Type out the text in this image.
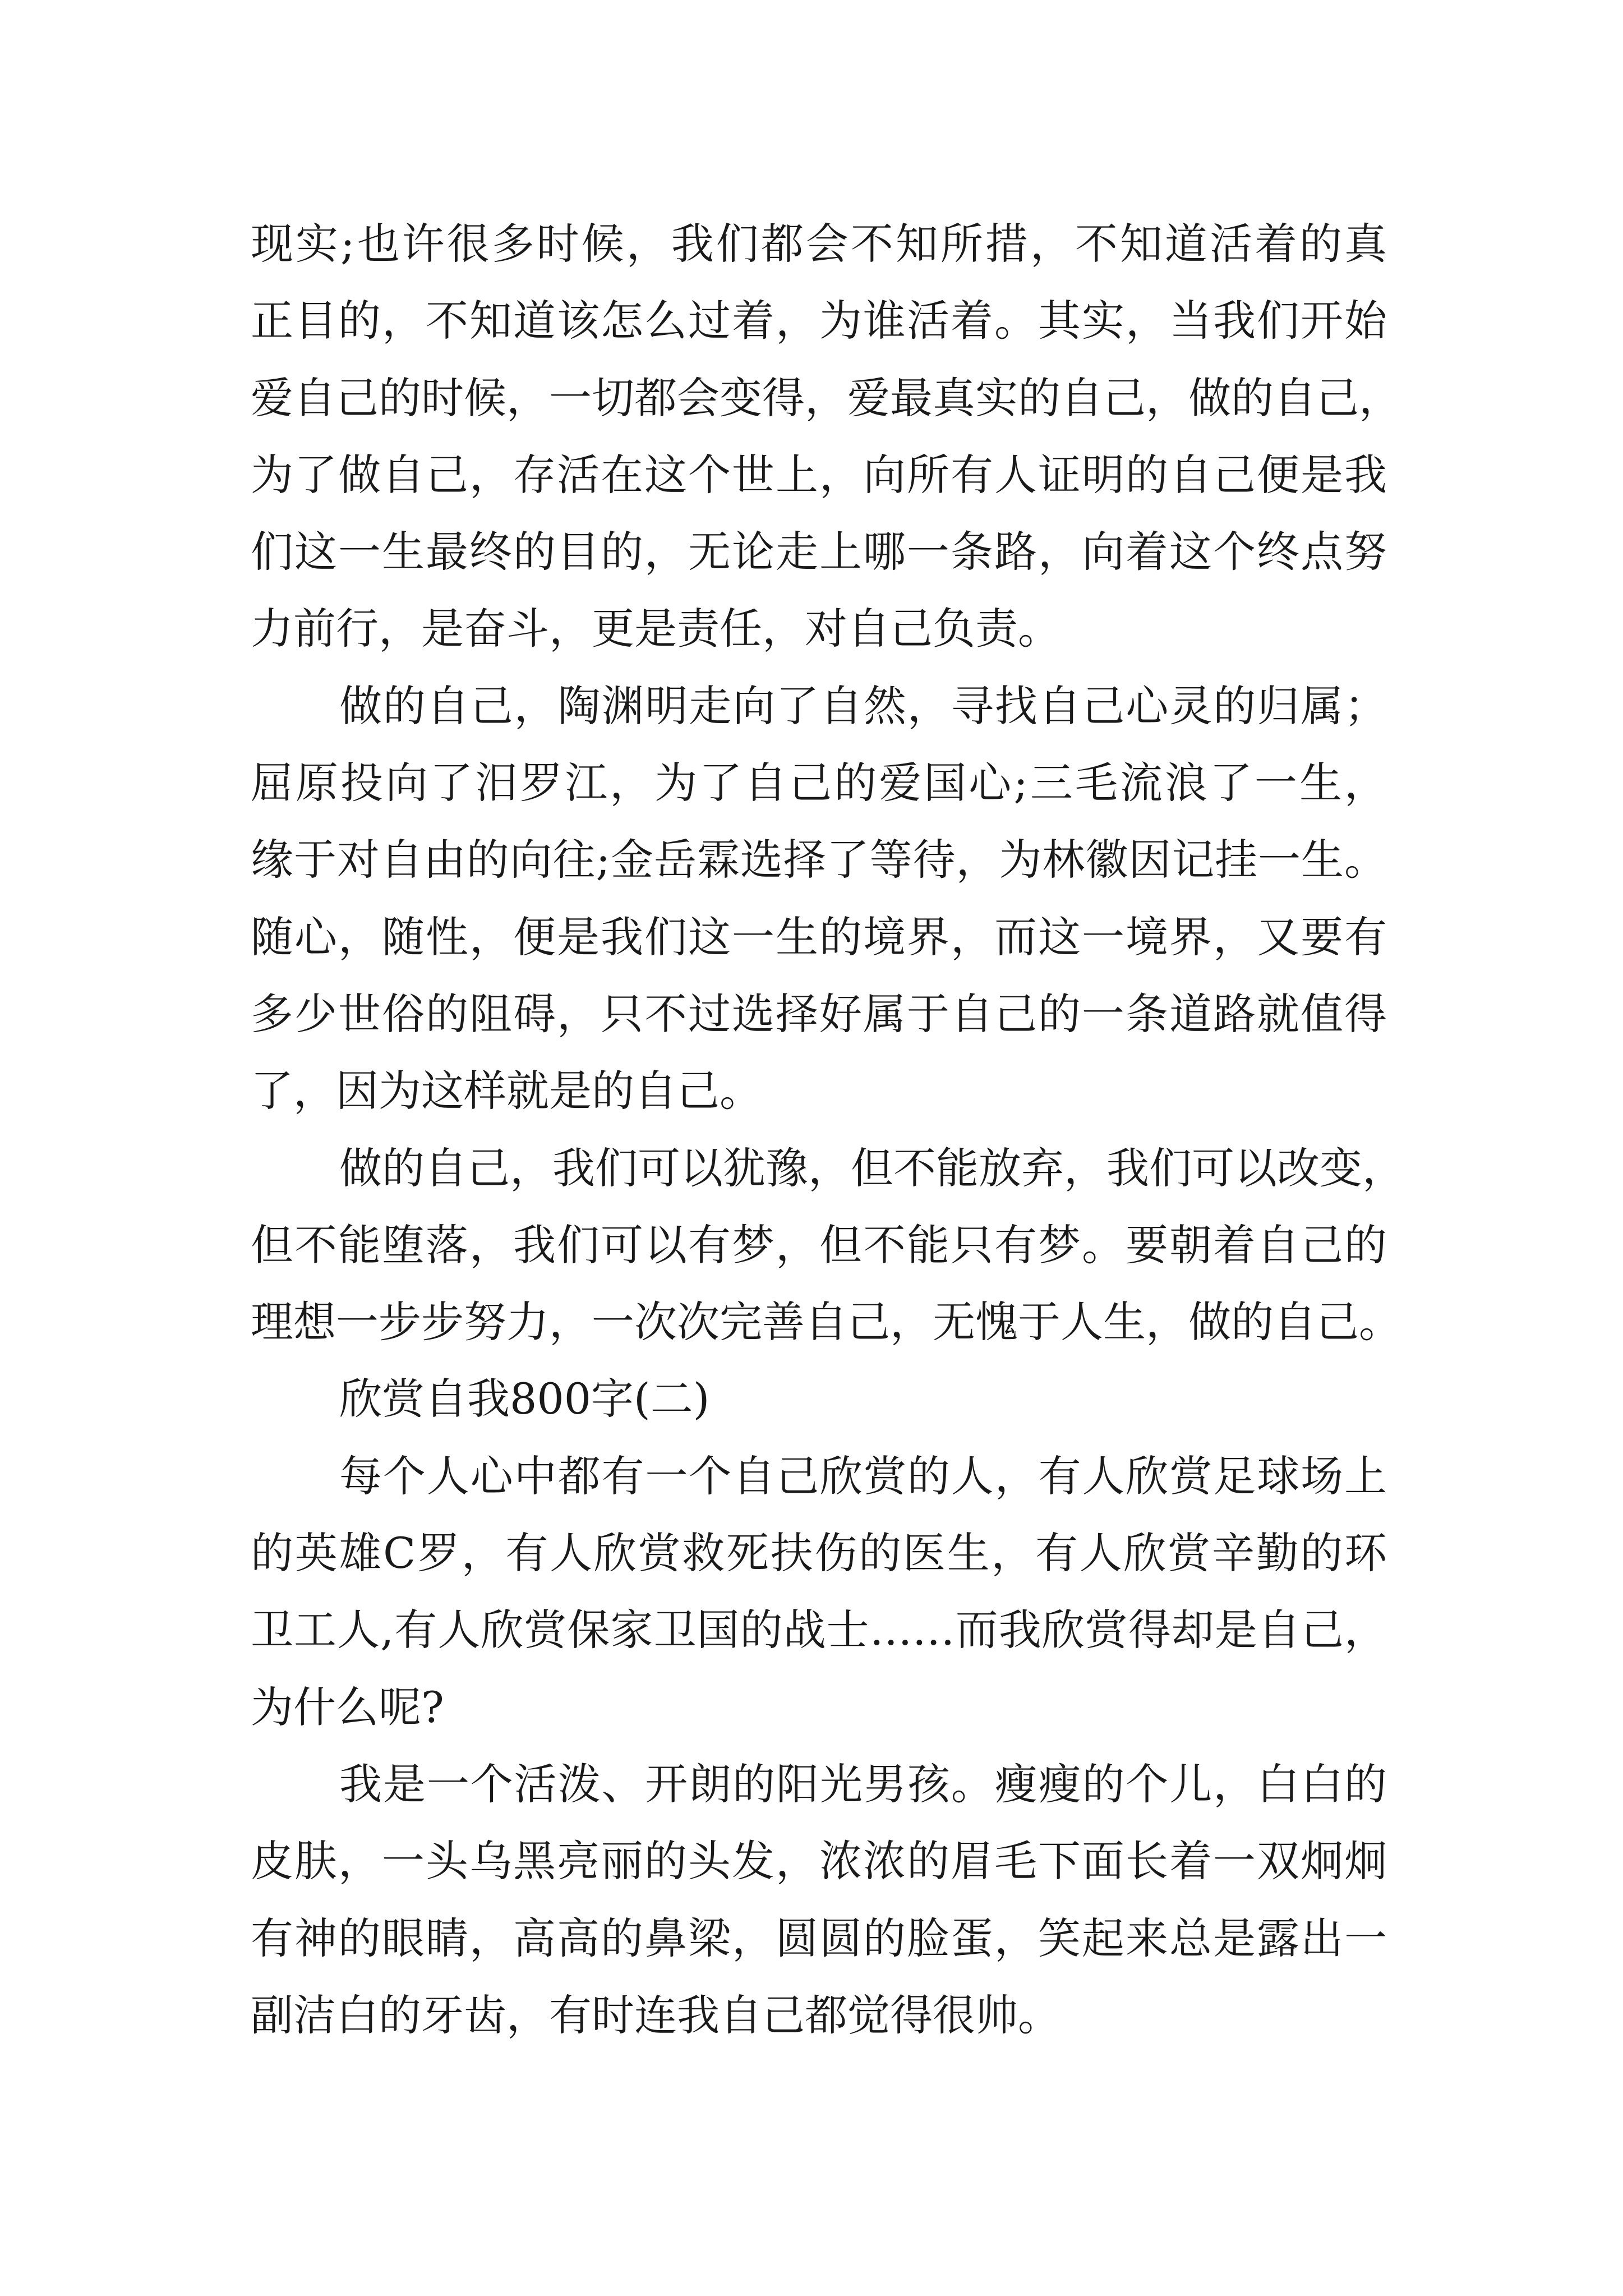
现实;也许很多时候，我们都会不知所措，不知道活着的真
正目的，不知道该怎么过着，为谁活着。其实，当我们开始
爱自己的时候，一切都会变得，爱最真实的自己，做的自己，
为了做自己，存活在这个世上，向所有人证明的自己便是我
们这一生最终的目的，无论走上哪一条路，向着这个终点努
力前行，是奋斗，更是责任，对自己负责。
做的自己，陶渊明走向了自然，寻找自己心灵的归属；
屈原投向了汨罗江，为了自己的爱国心;三毛流浪了一生，
缘于对自由的向往;金岳霖选择了等待，为林徽因记挂一生。
随心，随性，便是我们这一生的境界，而这一境界，又要有
多少世俗的阻碍，只不过选择好属于自己的一条道路就值得
了，因为这样就是的自己。
做的自己，我们可以犹豫，但不能放弃，我们可以改变，
但不能堕落，我们可以有梦，但不能只有梦。要朝着自己的
理想一步步努力，一次次完善自己，无愧于人生，做的自己。
欣赏自我800字(二)
每个人心中都有一个自己欣赏的人，有人欣赏足球场上
的英雄C罗，有人欣赏救死扶伤的医生，有人欣赏辛勤的环
卫工人,有人欣赏保家卫国的战士……而我欣赏得却是自己，
为什么呢?
我是一个活泼、开朗的阳光男孩。瘦瘦的个儿，白白的
皮肤，一头乌黑亮丽的头发，浓浓的眉毛下面长着一双炯炯
有神的眼睛，高高的鼻梁，圆圆的脸蛋，笑起来总是露出一
副洁白的牙齿，有时连我自己都觉得很帅。
